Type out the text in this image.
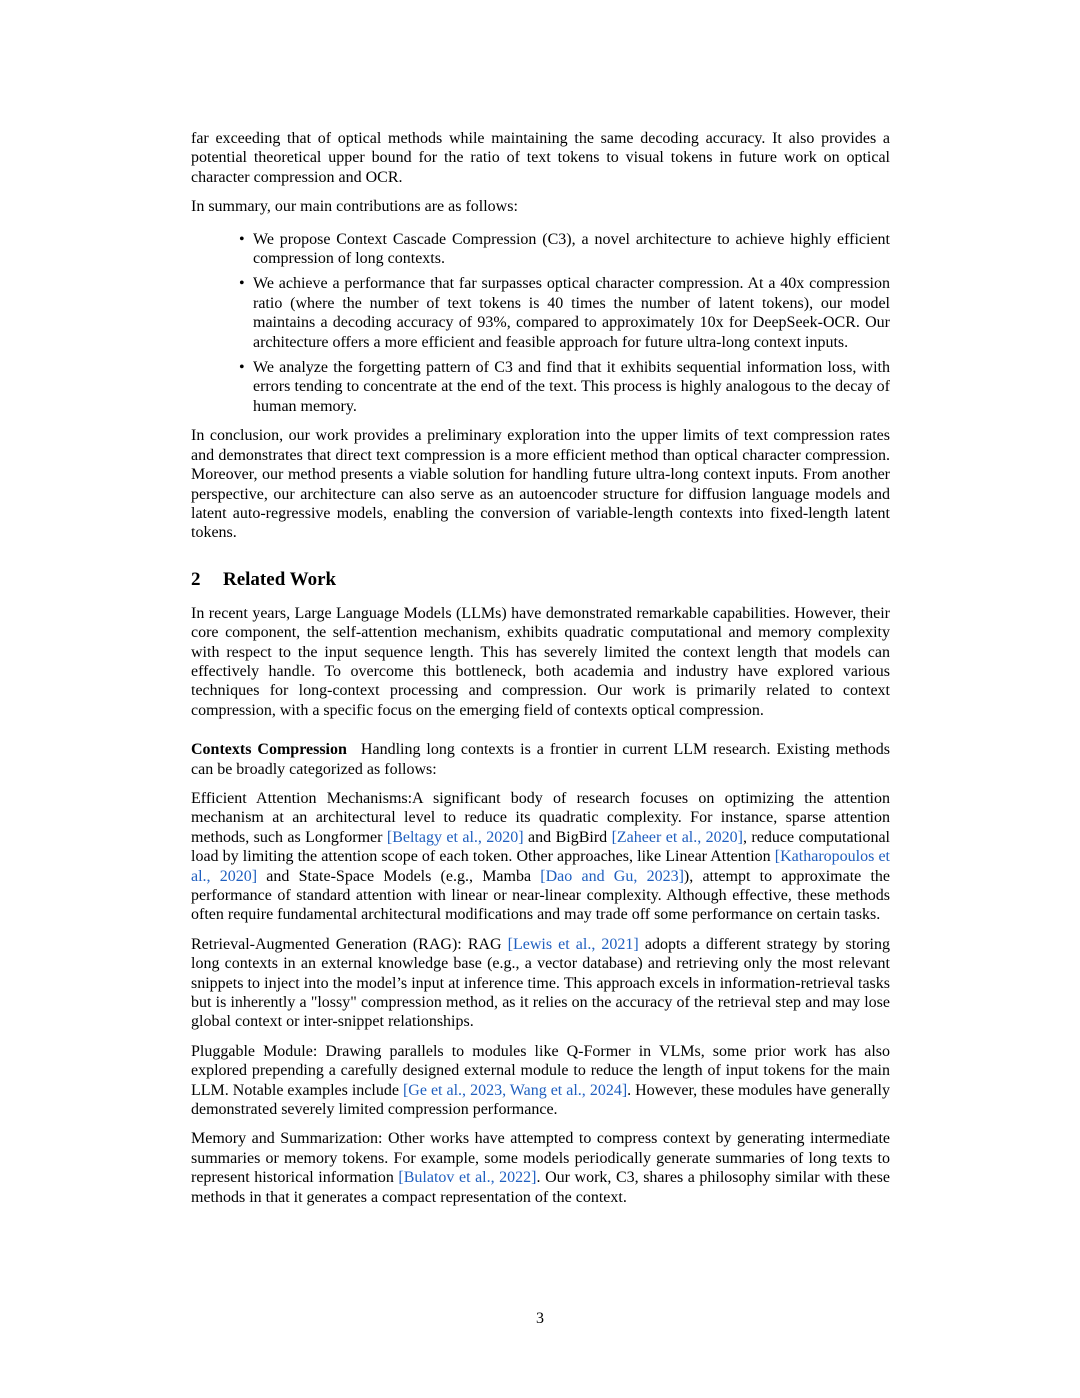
far exceeding that of optical methods while maintaining the same decoding accuracy. It also provides a potential theoretical upper bound for the ratio of text tokens to visual tokens in future work on optical character compression and OCR.

In summary, our main contributions are as follows:

• We propose Context Cascade Compression (C3), a novel architecture to achieve highly efficient compression of long contexts.
• We achieve a performance that far surpasses optical character compression. At a 40x compression ratio (where the number of text tokens is 40 times the number of latent tokens), our model maintains a decoding accuracy of 93%, compared to approximately 10x for DeepSeek-OCR. Our architecture offers a more efficient and feasible approach for future ultra-long context inputs.
• We analyze the forgetting pattern of C3 and find that it exhibits sequential information loss, with errors tending to concentrate at the end of the text. This process is highly analogous to the decay of human memory.

In conclusion, our work provides a preliminary exploration into the upper limits of text compression rates and demonstrates that direct text compression is a more efficient method than optical character compression. Moreover, our method presents a viable solution for handling future ultra-long context inputs. From another perspective, our architecture can also serve as an autoencoder structure for diffusion language models and latent auto-regressive models, enabling the conversion of variable-length contexts into fixed-length latent tokens.

2 Related Work

In recent years, Large Language Models (LLMs) have demonstrated remarkable capabilities. However, their core component, the self-attention mechanism, exhibits quadratic computational and memory complexity with respect to the input sequence length. This has severely limited the context length that models can effectively handle. To overcome this bottleneck, both academia and industry have explored various techniques for long-context processing and compression. Our work is primarily related to context compression, with a specific focus on the emerging field of contexts optical compression.

Contexts Compression Handling long contexts is a frontier in current LLM research. Existing methods can be broadly categorized as follows:

Efficient Attention Mechanisms:A significant body of research focuses on optimizing the attention mechanism at an architectural level to reduce its quadratic complexity. For instance, sparse attention methods, such as Longformer [Beltagy et al., 2020] and BigBird [Zaheer et al., 2020], reduce computational load by limiting the attention scope of each token. Other approaches, like Linear Attention [Katharopoulos et al., 2020] and State-Space Models (e.g., Mamba [Dao and Gu, 2023]), attempt to approximate the performance of standard attention with linear or near-linear complexity. Although effective, these methods often require fundamental architectural modifications and may trade off some performance on certain tasks.

Retrieval-Augmented Generation (RAG): RAG [Lewis et al., 2021] adopts a different strategy by storing long contexts in an external knowledge base (e.g., a vector database) and retrieving only the most relevant snippets to inject into the model’s input at inference time. This approach excels in information-retrieval tasks but is inherently a "lossy" compression method, as it relies on the accuracy of the retrieval step and may lose global context or inter-snippet relationships.

Pluggable Module: Drawing parallels to modules like Q-Former in VLMs, some prior work has also explored prepending a carefully designed external module to reduce the length of input tokens for the main LLM. Notable examples include [Ge et al., 2023, Wang et al., 2024]. However, these modules have generally demonstrated severely limited compression performance.

Memory and Summarization: Other works have attempted to compress context by generating intermediate summaries or memory tokens. For example, some models periodically generate summaries of long texts to represent historical information [Bulatov et al., 2022]. Our work, C3, shares a philosophy similar with these methods in that it generates a compact representation of the context.

3
